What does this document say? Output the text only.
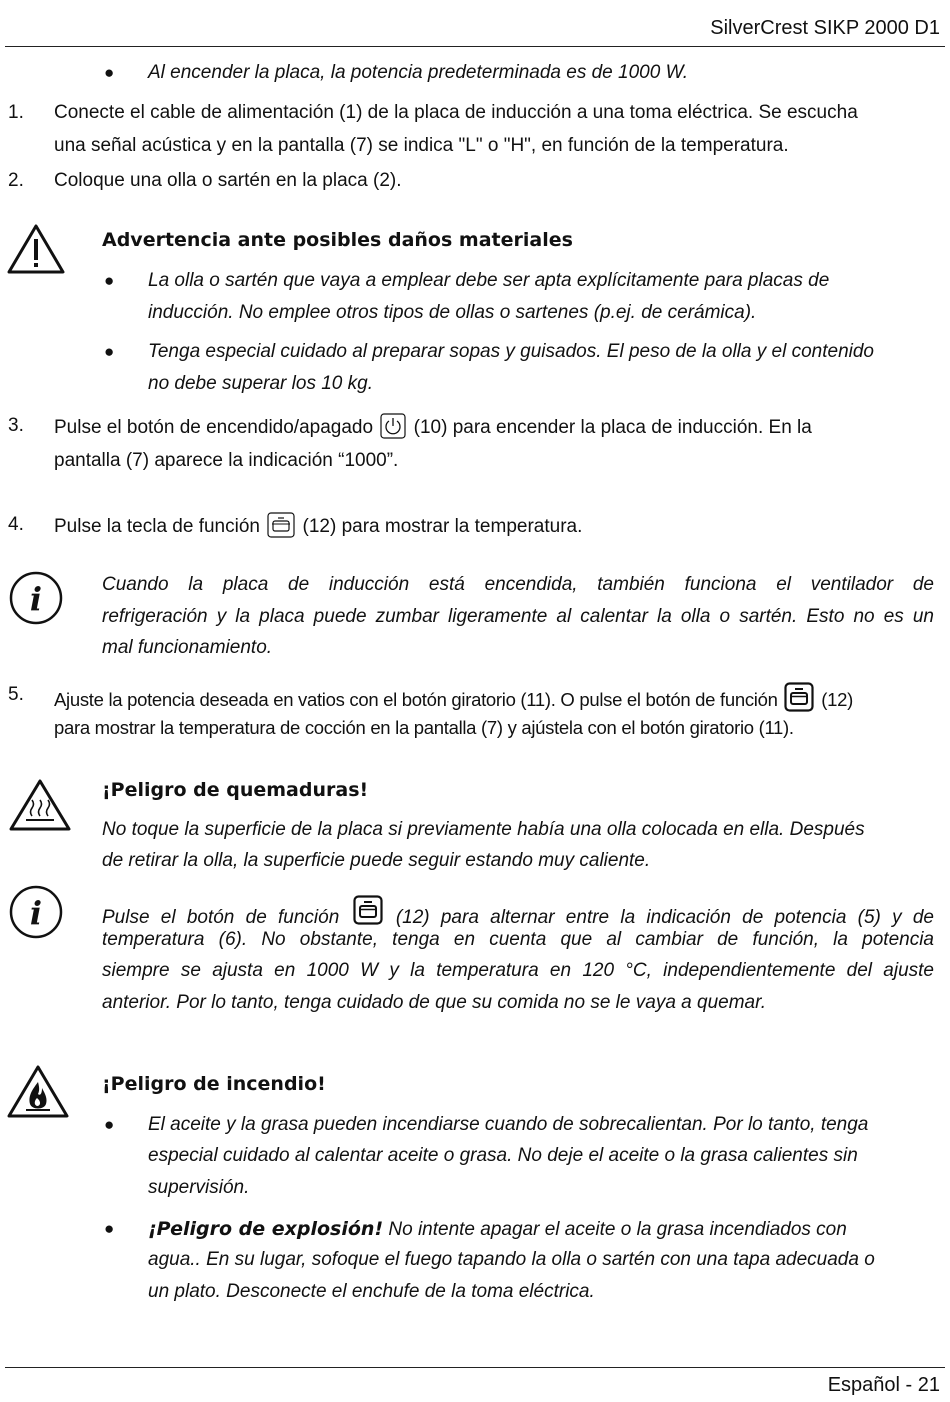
SilverCrest SIKP 2000 D1
● Al encender la placa, la potencia predeterminada es de 1000 W.
1. Conecte el cable de alimentación (1) de la placa de inducción a una toma eléctrica. Se escucha
una señal acústica y en la pantalla (7) se indica "L" o "H", en función de la temperatura.
2. Coloque una olla o sartén en la placa (2).
Advertencia ante posibles daños materiales
● La olla o sartén que vaya a emplear debe ser apta explícitamente para placas de
inducción. No emplee otros tipos de ollas o sartenes (p.ej. de cerámica).
● Tenga especial cuidado al preparar sopas y guisados. El peso de la olla y el contenido
no debe superar los 10 kg.
3. Pulse el botón de encendido/apagado (10) para encender la placa de inducción. En la
pantalla (7) aparece la indicación “1000”.
4. Pulse la tecla de función (12) para mostrar la temperatura.
i	Cuando la placa de inducción está encendida, también funciona el ventilador de
refrigeración y la placa puede zumbar ligeramente al calentar la olla o sartén. Esto no es un
mal funcionamiento.
5. Ajuste la potencia deseada en vatios con el botón giratorio (11). O pulse el botón de función (12)
para mostrar la temperatura de cocción en la pantalla (7) y ajústela con el botón giratorio (11).
¡Peligro de quemaduras!
No toque la superficie de la placa si previamente había una olla colocada en ella. Después
de retirar la olla, la superficie puede seguir estando muy caliente.
i	Pulse el botón de función	(12) para alternar entre la indicación de potencia (5) y de
temperatura (6). No obstante, tenga en cuenta que al cambiar de función, la potencia
siempre se ajusta en 1000 W y la temperatura en 120 °C, independientemente del ajuste
anterior. Por lo tanto, tenga cuidado de que su comida no se le vaya a quemar.
¡Peligro de incendio!
● El aceite y la grasa pueden incendiarse cuando de sobrecalientan. Por lo tanto, tenga
especial cuidado al calentar aceite o grasa. No deje el aceite o la grasa calientes sin
supervisión.
● ¡Peligro de explosión! No intente apagar el aceite o la grasa incendiados con
agua.. En su lugar, sofoque el fuego tapando la olla o sartén con una tapa adecuada o
un plato. Desconecte el enchufe de la toma eléctrica.
Español - 21
